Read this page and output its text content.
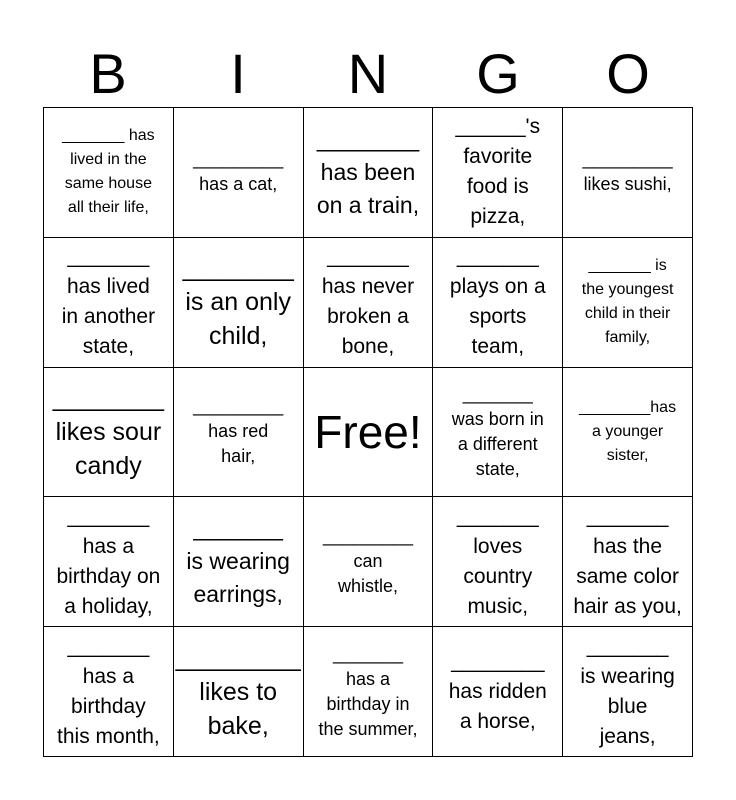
B	I	N	G	O
_______ has
lived in the
same house
all their life,
_________
has a cat,
________
has been
on a train,
______'s
favorite
food is
pizza,
_________
likes sushi,
_______
has lived
in another
state,
________
is an only
child,
_______
has never
broken a
bone,
_______
plays on a
sports
team,
_______ is
the youngest
child in their
family,
________
likes sour
candy
_________
has red
hair,	Free!
_______
was born in
a different
state,
________has
a younger
sister,
_______
has a
birthday on
a holiday,
_______
is wearing
earrings,
_________
can
whistle,
_______
loves
country
music,
_______
has the
same color
hair as you,
_______
has a
birthday
this month,
_________
likes to
bake,
_______
has a
birthday in
the summer,
________
has ridden
a horse,
_______
is wearing
blue
jeans,
